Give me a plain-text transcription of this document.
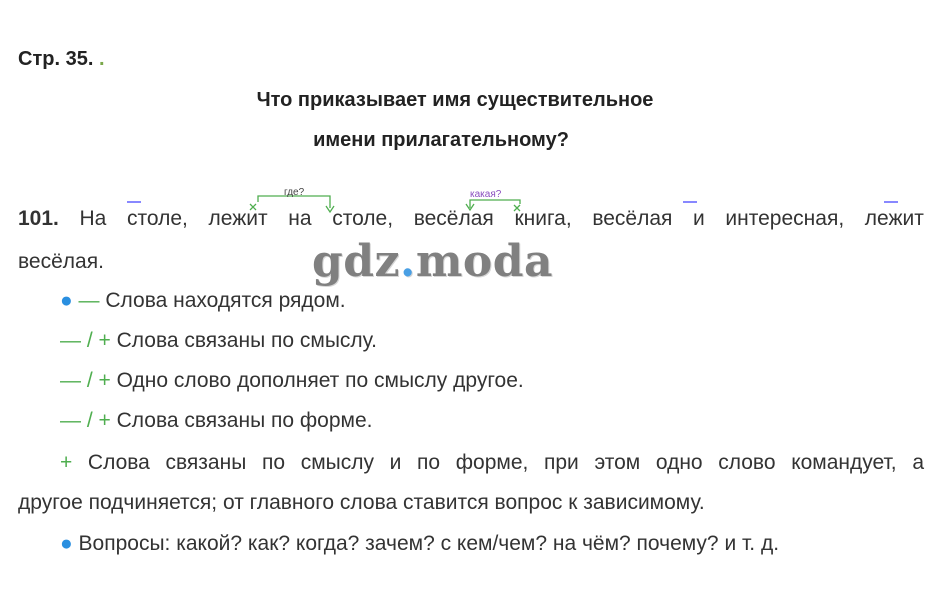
Стр. 35. .
Что приказывает имя существительное
имени прилагательному?
где?	какая?
101. На столе, лежит на столе, весёлая книга, весёлая и интересная, лежит
весёлая.	gdz.moda
● — Слова находятся рядом.
— / + Слова связаны по смыслу.
— / + Одно слово дополняет по смыслу другое.
— / + Слова связаны по форме.
+ Слова связаны по смыслу и по форме, при этом одно слово командует, а
другое подчиняется; от главного слова ставится вопрос к зависимому.
● Вопросы: какой? как? когда? зачем? с кем/чем? на чём? почему? и т. д.
